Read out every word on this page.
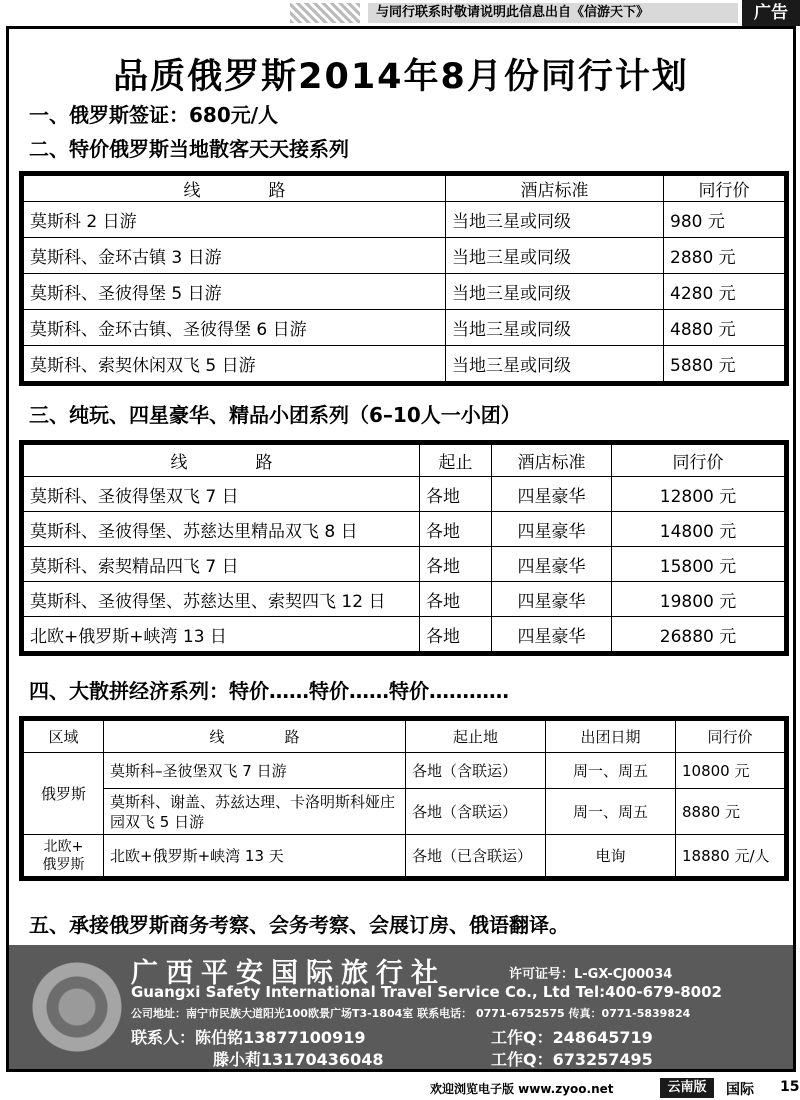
与同行联系时敬请说明此信息出自《信游天下》	广告
品质俄罗斯2014年8月份同行计划
一、俄罗斯签证：680元/人
二、特价俄罗斯当地散客天天接系列
线　　　　路	酒店标准	同行价
莫斯科 2 日游	当地三星或同级	980 元
莫斯科、金环古镇 3 日游	当地三星或同级	2880 元
莫斯科、圣彼得堡 5 日游	当地三星或同级	4280 元
莫斯科、金环古镇、圣彼得堡 6 日游	当地三星或同级	4880 元
莫斯科、索契休闲双飞 5 日游	当地三星或同级	5880 元
三、纯玩、四星豪华、精品小团系列（6–10人一小团）
线　　　　路	起止	酒店标准	同行价
莫斯科、圣彼得堡双飞 7 日	各地	四星豪华	12800 元
莫斯科、圣彼得堡、苏慈达里精品双飞 8 日	各地	四星豪华	14800 元
莫斯科、索契精品四飞 7 日	各地	四星豪华	15800 元
莫斯科、圣彼得堡、苏慈达里、索契四飞 12 日	各地	四星豪华	19800 元
北欧+俄罗斯+峡湾 13 日	各地	四星豪华	26880 元
四、大散拼经济系列：特价……特价……特价…………
区域	线　　　　路	起止地	出团日期	同行价
俄罗斯	莫斯科–圣彼堡双飞 7 日游	各地（含联运）	周一、周五	10800 元
	莫斯科、谢盖、苏兹达理、卡洛明斯科娅庄园双飞 5 日游	各地（含联运）	周一、周五	8880 元
北欧+
俄罗斯	北欧+俄罗斯+峡湾 13 天	各地（已含联运）	电询	18880 元/人
五、承接俄罗斯商务考察、会务考察、会展订房、俄语翻译。
广西平安国际旅行社	许可证号：L-GX-CJ00034
Guangxi Safety International Travel Service Co., Ltd Tel:400-679-8002
公司地址：南宁市民族大道阳光100欧景广场T3-1804室 联系电话： 0771-6752575 传真：0771-5839824
联系人：陈伯铭13877100919
滕小莉13170436048
工作Q：248645719
工作Q：673257495
欢迎浏览电子版 www.zyoo.net	云南版	国际 15
